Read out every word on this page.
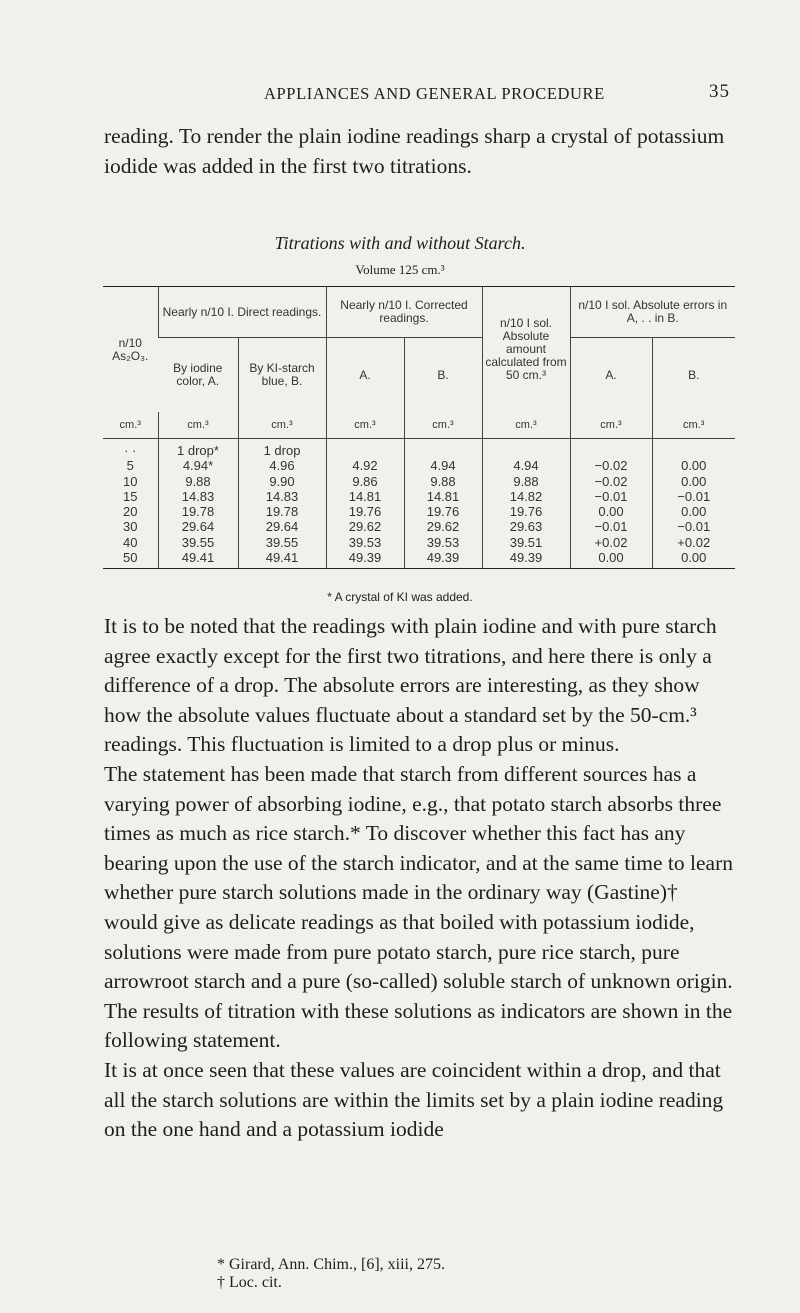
APPLIANCES AND GENERAL PROCEDURE	35

reading. To render the plain iodine readings sharp a crystal of potassium iodide was added in the first two titrations.

Titrations with and without Starch.
Volume 125 cm.³
n/10 As₂O₃.	Nearly n/10 I. Direct readings.		Nearly n/10 I. Corrected readings.		n/10 I sol. Absolute amount calculated from 50 cm.³	n/10 I sol. Absolute errors in A, . . in B.	
	By iodine color, A.	By KI-starch blue, B.	A.	B.		A.	B.
cm.³	cm.³	cm.³	cm.³	cm.³	cm.³	cm.³	cm.³
· ·	1 drop*	1 drop					
5	4.94*	4.96	4.92	4.94	4.94	−0.02	0.00
10	9.88	9.90	9.86	9.88	9.88	−0.02	0.00
15	14.83	14.83	14.81	14.81	14.82	−0.01	−0.01
20	19.78	19.78	19.76	19.76	19.76	0.00	0.00
30	29.64	29.64	29.62	29.62	29.63	−0.01	−0.01
40	39.55	39.55	39.53	39.53	39.51	+0.02	+0.02
50	49.41	49.41	49.39	49.39	49.39	0.00	0.00
* A crystal of KI was added.

It is to be noted that the readings with plain iodine and with pure starch agree exactly except for the first two titrations, and here there is only a difference of a drop. The absolute errors are interesting, as they show how the absolute values fluctuate about a standard set by the 50-cm.³ readings. This fluctuation is limited to a drop plus or minus.

The statement has been made that starch from different sources has a varying power of absorbing iodine, e.g., that potato starch absorbs three times as much as rice starch.* To discover whether this fact has any bearing upon the use of the starch indicator, and at the same time to learn whether pure starch solutions made in the ordinary way (Gastine)† would give as delicate readings as that boiled with potassium iodide, solutions were made from pure potato starch, pure rice starch, pure arrowroot starch and a pure (so-called) soluble starch of unknown origin. The results of titration with these solutions as indicators are shown in the following statement.

It is at once seen that these values are coincident within a drop, and that all the starch solutions are within the limits set by a plain iodine reading on the one hand and a potassium iodide

* Girard, Ann. Chim., [6], xiii, 275.
† Loc. cit.
